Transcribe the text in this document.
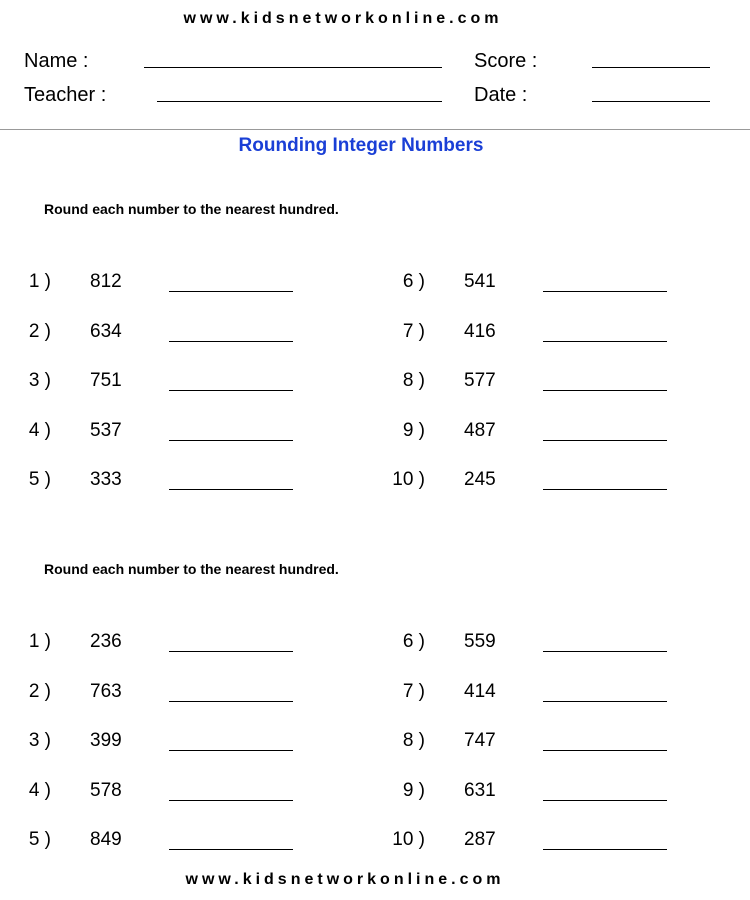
www.kidsnetworkonline.com
Name :
Teacher :
Score :
Date :
Rounding Integer Numbers
Round each number to the nearest hundred.
1 ) 812
2 ) 634
3 ) 751
4 ) 537
5 ) 333
6 ) 541
7 ) 416
8 ) 577
9 ) 487
10 ) 245
Round each number to the nearest hundred.
1 ) 236
2 ) 763
3 ) 399
4 ) 578
5 ) 849
6 ) 559
7 ) 414
8 ) 747
9 ) 631
10 ) 287
www.kidsnetworkonline.com
